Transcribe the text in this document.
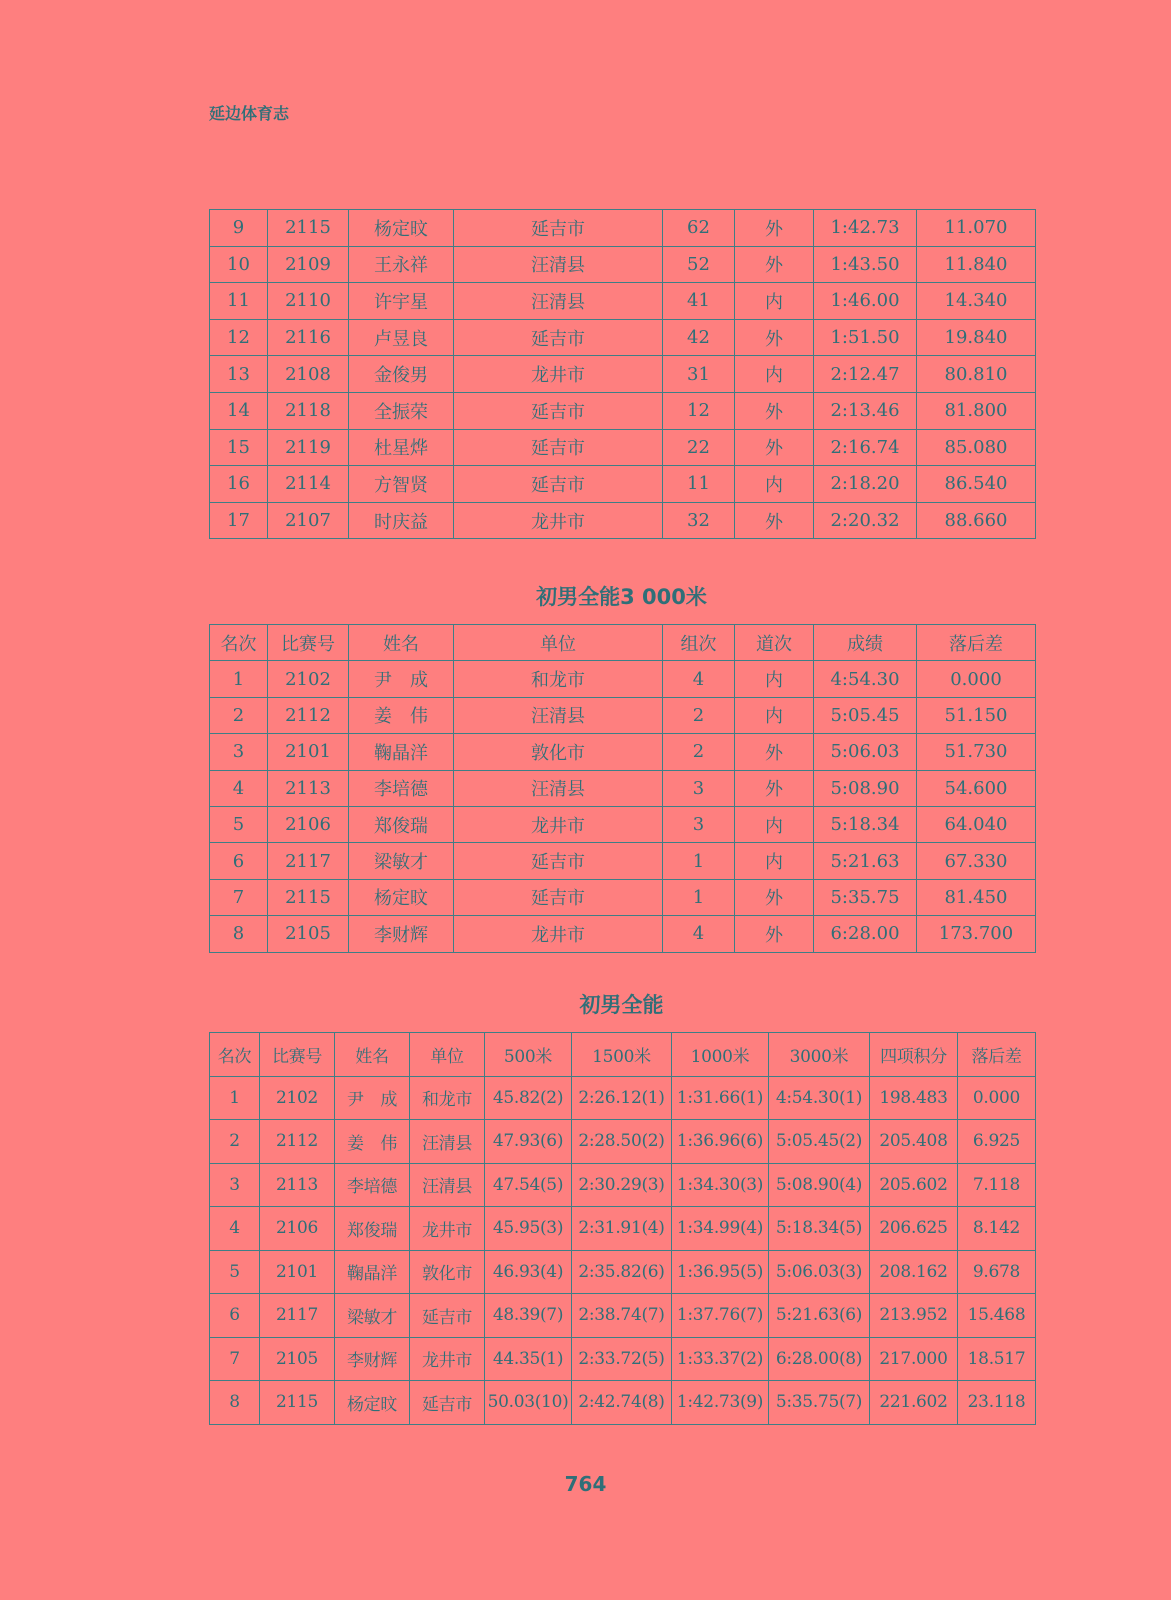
延边体育志
9	2115	杨定旼	延吉市	62	外	1:42.73	11.070
10	2109	王永祥	汪清县	52	外	1:43.50	11.840
11	2110	许宇星	汪清县	41	内	1:46.00	14.340
12	2116	卢昱良	延吉市	42	外	1:51.50	19.840
13	2108	金俊男	龙井市	31	内	2:12.47	80.810
14	2118	全振荣	延吉市	12	外	2:13.46	81.800
15	2119	杜星烨	延吉市	22	外	2:16.74	85.080
16	2114	方智贤	延吉市	11	内	2:18.20	86.540
17	2107	时庆益	龙井市	32	外	2:20.32	88.660
初男全能3 000米
名次	比赛号	姓名	单位	组次	道次	成绩	落后差
1	2102	尹　成	和龙市	4	内	4:54.30	0.000
2	2112	姜　伟	汪清县	2	内	5:05.45	51.150
3	2101	鞠晶洋	敦化市	2	外	5:06.03	51.730
4	2113	李培德	汪清县	3	外	5:08.90	54.600
5	2106	郑俊瑞	龙井市	3	内	5:18.34	64.040
6	2117	梁敏才	延吉市	1	内	5:21.63	67.330
7	2115	杨定旼	延吉市	1	外	5:35.75	81.450
8	2105	李财辉	龙井市	4	外	6:28.00	173.700
初男全能
名次	比赛号	姓名	单位	500米	1500米	1000米	3000米	四项积分	落后差
1	2102	尹　成	和龙市	45.82(2)	2:26.12(1)	1:31.66(1)	4:54.30(1)	198.483	0.000
2	2112	姜　伟	汪清县	47.93(6)	2:28.50(2)	1:36.96(6)	5:05.45(2)	205.408	6.925
3	2113	李培德	汪清县	47.54(5)	2:30.29(3)	1:34.30(3)	5:08.90(4)	205.602	7.118
4	2106	郑俊瑞	龙井市	45.95(3)	2:31.91(4)	1:34.99(4)	5:18.34(5)	206.625	8.142
5	2101	鞠晶洋	敦化市	46.93(4)	2:35.82(6)	1:36.95(5)	5:06.03(3)	208.162	9.678
6	2117	梁敏才	延吉市	48.39(7)	2:38.74(7)	1:37.76(7)	5:21.63(6)	213.952	15.468
7	2105	李财辉	龙井市	44.35(1)	2:33.72(5)	1:33.37(2)	6:28.00(8)	217.000	18.517
8	2115	杨定旼	延吉市	50.03(10)	2:42.74(8)	1:42.73(9)	5:35.75(7)	221.602	23.118
764
